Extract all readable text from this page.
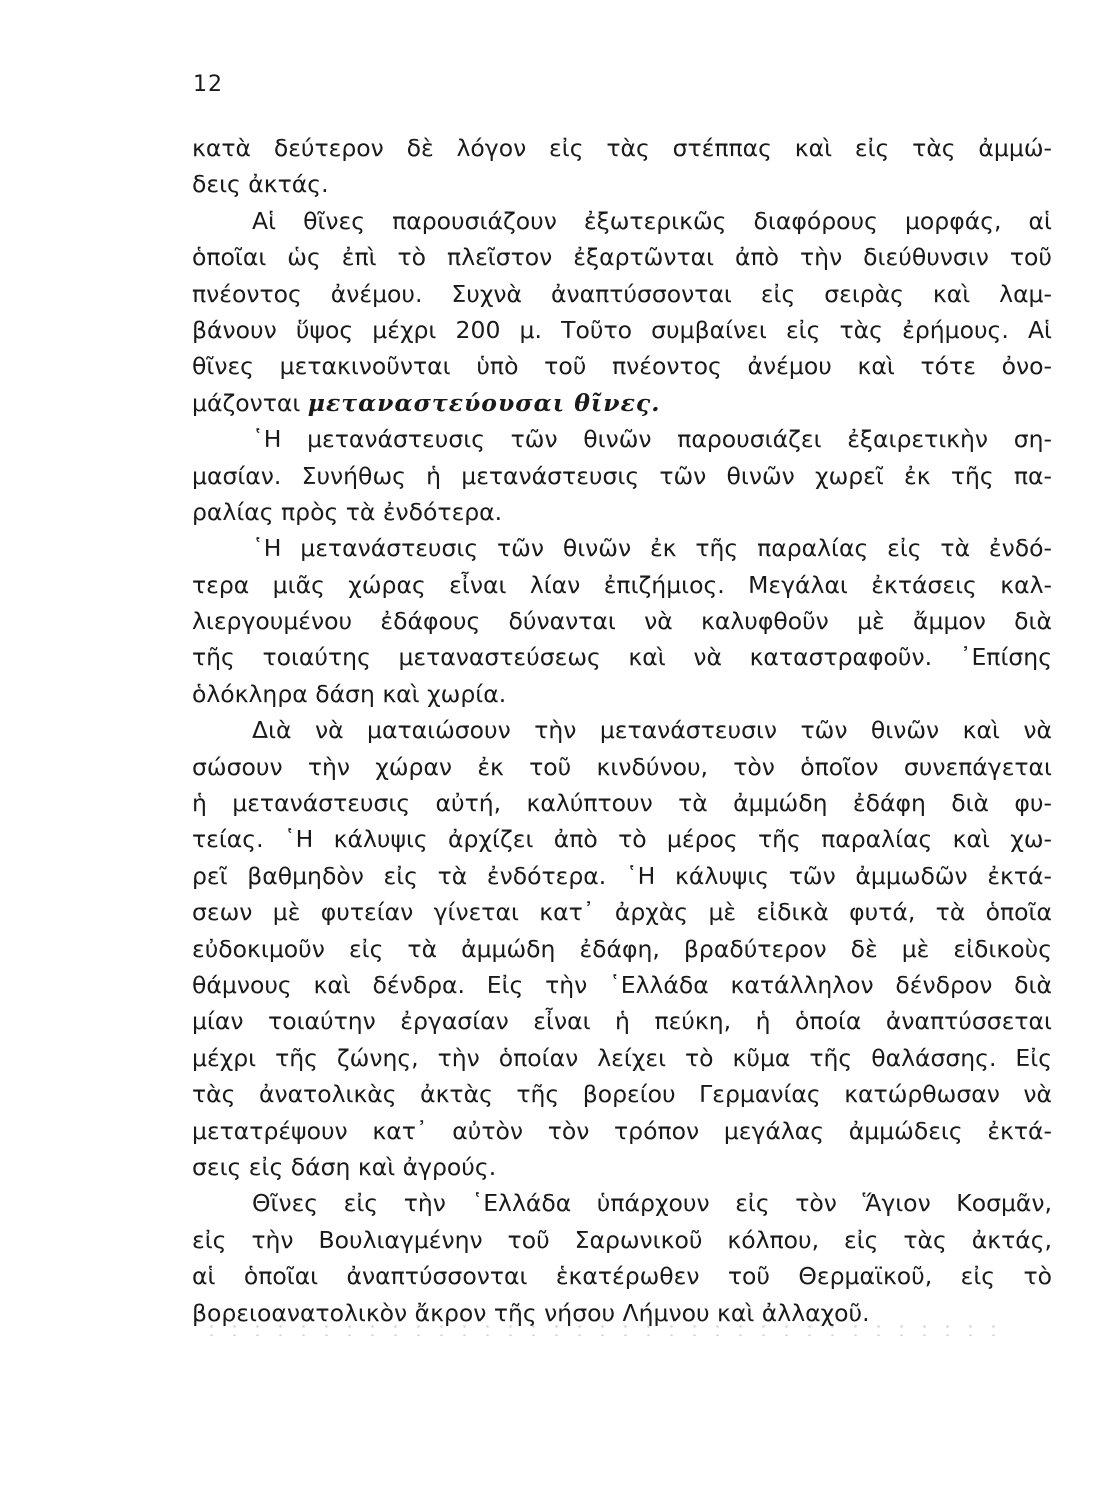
12
κατὰ δεύτερον δὲ λόγον εἰς τὰς στέππας καὶ εἰς τὰς ἀμμώ-
δεις ἀκτάς.
Αἱ θῖνες παρουσιάζουν ἐξωτερικῶς διαφόρους μορφάς, αἱ
ὁποῖαι ὡς ἐπὶ τὸ πλεῖστον ἐξαρτῶνται ἀπὸ τὴν διεύθυνσιν τοῦ
πνέοντος ἀνέμου. Συχνὰ ἀναπτύσσονται εἰς σειρὰς καὶ λαμ-
βάνουν ὕψος μέχρι 200 μ. Τοῦτο συμβαίνει εἰς τὰς ἐρήμους. Αἱ
θῖνες μετακινοῦνται ὑπὸ τοῦ πνέοντος ἀνέμου καὶ τότε ὀνο-
μάζονται μεταναστεύουσαι θῖνες.
῾Η μετανάστευσις τῶν θινῶν παρουσιάζει ἐξαιρετικὴν ση-
μασίαν. Συνήθως ἡ μετανάστευσις τῶν θινῶν χωρεῖ ἐκ τῆς πα-
ραλίας πρὸς τὰ ἐνδότερα.
῾Η μετανάστευσις τῶν θινῶν ἐκ τῆς παραλίας εἰς τὰ ἐνδό-
τερα μιᾶς χώρας εἶναι λίαν ἐπιζήμιος. Μεγάλαι ἐκτάσεις καλ-
λιεργουμένου ἐδάφους δύνανται νὰ καλυφθοῦν μὲ ἄμμον διὰ
τῆς τοιαύτης μεταναστεύσεως καὶ νὰ καταστραφοῦν. ᾿Επίσης
ὁλόκληρα δάση καὶ χωρία.
Διὰ νὰ ματαιώσουν τὴν μετανάστευσιν τῶν θινῶν καὶ νὰ
σώσουν τὴν χώραν ἐκ τοῦ κινδύνου, τὸν ὁποῖον συνεπάγεται
ἡ μετανάστευσις αὐτή, καλύπτουν τὰ ἀμμώδη ἐδάφη διὰ φυ-
τείας. ῾Η κάλυψις ἀρχίζει ἀπὸ τὸ μέρος τῆς παραλίας καὶ χω-
ρεῖ βαθμηδὸν εἰς τὰ ἐνδότερα. ῾Η κάλυψις τῶν ἀμμωδῶν ἐκτά-
σεων μὲ φυτείαν γίνεται κατ᾿ ἀρχὰς μὲ εἰδικὰ φυτά, τὰ ὁποῖα
εὐδοκιμοῦν εἰς τὰ ἀμμώδη ἐδάφη, βραδύτερον δὲ μὲ εἰδικοὺς
θάμνους καὶ δένδρα. Εἰς τὴν ῾Ελλάδα κατάλληλον δένδρον διὰ
μίαν τοιαύτην ἐργασίαν εἶναι ἡ πεύκη, ἡ ὁποία ἀναπτύσσεται
μέχρι τῆς ζώνης, τὴν ὁποίαν λείχει τὸ κῦμα τῆς θαλάσσης. Εἰς
τὰς ἀνατολικὰς ἀκτὰς τῆς βορείου Γερμανίας κατώρθωσαν νὰ
μετατρέψουν κατ᾿ αὐτὸν τὸν τρόπον μεγάλας ἀμμώδεις ἐκτά-
σεις εἰς δάση καὶ ἀγρούς.
Θῖνες εἰς τὴν ῾Ελλάδα ὑπάρχουν εἰς τὸν Ἅγιον Κοσμᾶν,
εἰς τὴν Βουλιαγμένην τοῦ Σαρωνικοῦ κόλπου, εἰς τὰς ἀκτάς,
αἱ ὁποῖαι ἀναπτύσσονται ἑκατέρωθεν τοῦ Θερμαϊκοῦ, εἰς τὸ
βορειοανατολικὸν ἄκρον τῆς νήσου Λήμνου καὶ ἀλλαχοῦ.
